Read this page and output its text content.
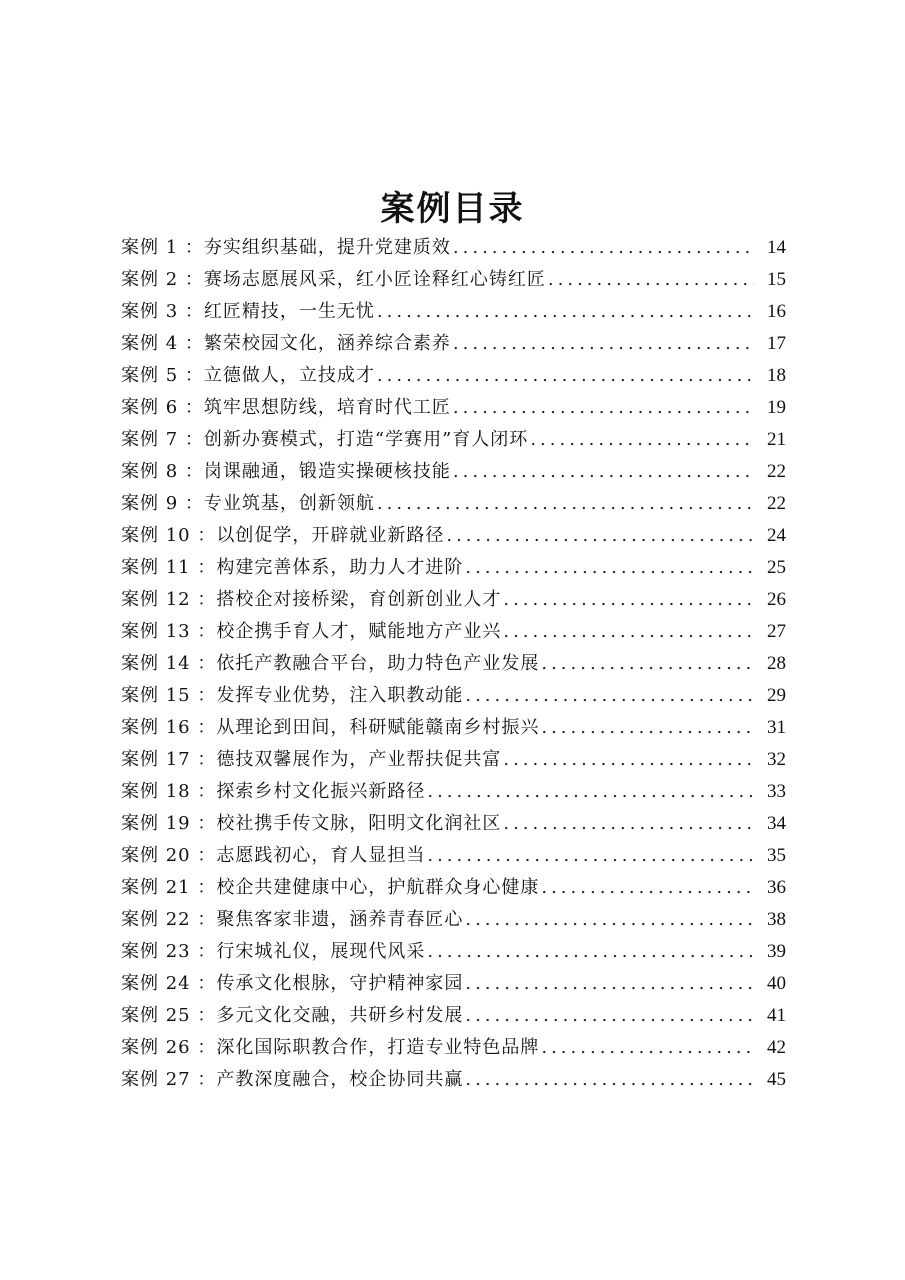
案例目录
案例 1 ： 夯实组织基础，提升党建质效 .....	14
案例 2 ： 赛场志愿展风采，红小匠诠释红心铸红匠 .....	15
案例 3 ： 红匠精技，一生无忧 .....	16
案例 4 ： 繁荣校园文化，涵养综合素养 .....	17
案例 5 ： 立德做人，立技成才 .....	18
案例 6 ： 筑牢思想防线，培育时代工匠 .....	19
案例 7 ： 创新办赛模式，打造“学赛用”育人闭环 .....	21
案例 8 ： 岗课融通，锻造实操硬核技能 .....	22
案例 9 ： 专业筑基，创新领航 .....	22
案例 10 ： 以创促学，开辟就业新路径 .....	24
案例 11 ： 构建完善体系，助力人才进阶 .....	25
案例 12 ： 搭校企对接桥梁，育创新创业人才 .....	26
案例 13 ： 校企携手育人才，赋能地方产业兴 .....	27
案例 14 ： 依托产教融合平台，助力特色产业发展 .....	28
案例 15 ： 发挥专业优势，注入职教动能 .....	29
案例 16 ： 从理论到田间，科研赋能赣南乡村振兴 .....	31
案例 17 ： 德技双馨展作为，产业帮扶促共富 .....	32
案例 18 ： 探索乡村文化振兴新路径 .....	33
案例 19 ： 校社携手传文脉，阳明文化润社区 .....	34
案例 20 ： 志愿践初心，育人显担当 .....	35
案例 21 ： 校企共建健康中心，护航群众身心健康 .....	36
案例 22 ： 聚焦客家非遗，涵养青春匠心 .....	38
案例 23 ： 行宋城礼仪，展现代风采 .....	39
案例 24 ： 传承文化根脉，守护精神家园 .....	40
案例 25 ： 多元文化交融，共研乡村发展 .....	41
案例 26 ： 深化国际职教合作，打造专业特色品牌 .....	42
案例 27 ： 产教深度融合，校企协同共赢 .....	45
